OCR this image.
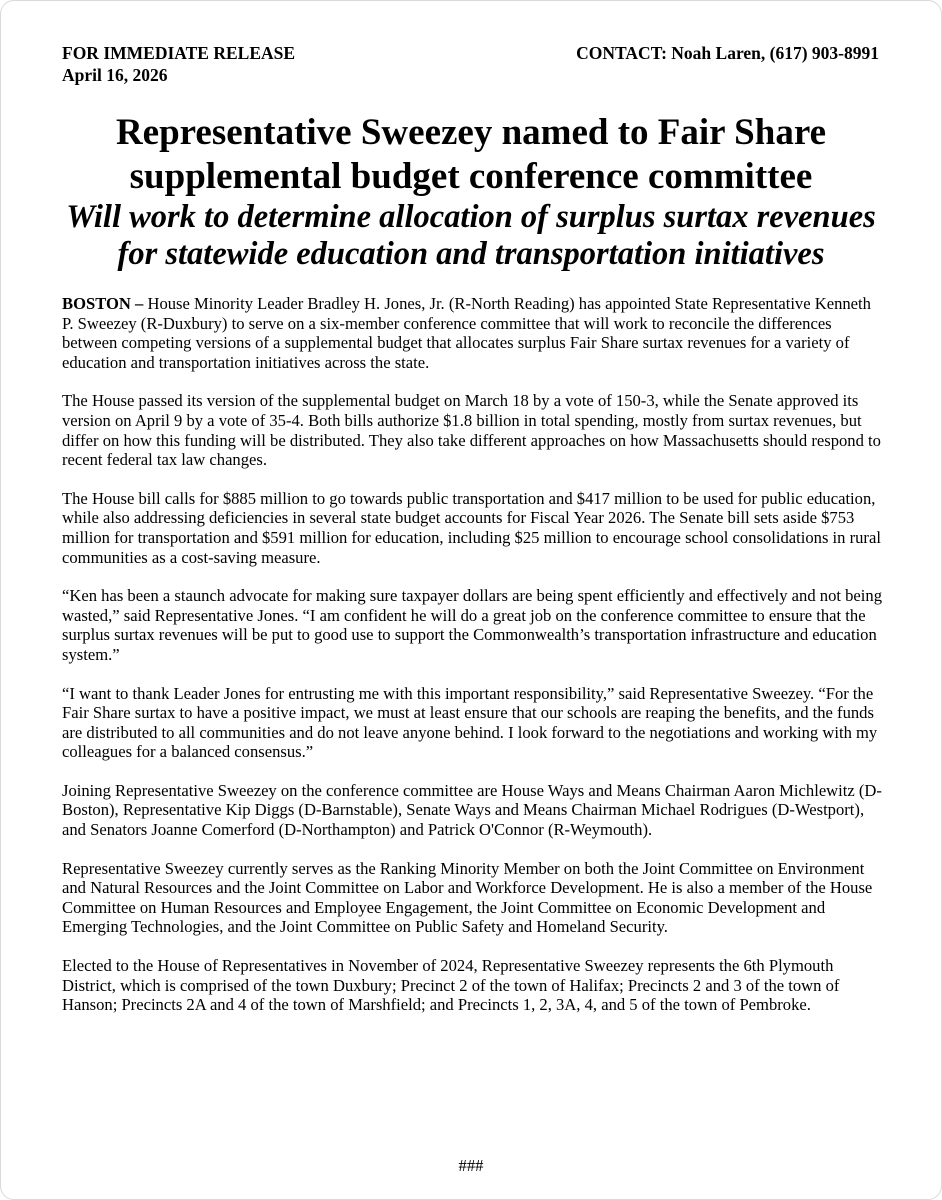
FOR IMMEDIATE RELEASE
April 16, 2026
CONTACT: Noah Laren, (617) 903-8991
Representative Sweezey named to Fair Share
supplemental budget conference committee
Will work to determine allocation of surplus surtax revenues
for statewide education and transportation initiatives

BOSTON – House Minority Leader Bradley H. Jones, Jr. (R-North Reading) has appointed State Representative Kenneth P. Sweezey (R-Duxbury) to serve on a six-member conference committee that will work to reconcile the differences between competing versions of a supplemental budget that allocates surplus Fair Share surtax revenues for a variety of education and transportation initiatives across the state.

The House passed its version of the supplemental budget on March 18 by a vote of 150-3, while the Senate approved its version on April 9 by a vote of 35-4. Both bills authorize $1.8 billion in total spending, mostly from surtax revenues, but differ on how this funding will be distributed. They also take different approaches on how Massachusetts should respond to recent federal tax law changes.

The House bill calls for $885 million to go towards public transportation and $417 million to be used for public education, while also addressing deficiencies in several state budget accounts for Fiscal Year 2026. The Senate bill sets aside $753 million for transportation and $591 million for education, including $25 million to encourage school consolidations in rural communities as a cost-saving measure.

“Ken has been a staunch advocate for making sure taxpayer dollars are being spent efficiently and effectively and not being wasted,” said Representative Jones. “I am confident he will do a great job on the conference committee to ensure that the surplus surtax revenues will be put to good use to support the Commonwealth’s transportation infrastructure and education system.”

“I want to thank Leader Jones for entrusting me with this important responsibility,” said Representative Sweezey. “For the Fair Share surtax to have a positive impact, we must at least ensure that our schools are reaping the benefits, and the funds are distributed to all communities and do not leave anyone behind. I look forward to the negotiations and working with my colleagues for a balanced consensus.”

Joining Representative Sweezey on the conference committee are House Ways and Means Chairman Aaron Michlewitz (D-Boston), Representative Kip Diggs (D-Barnstable), Senate Ways and Means Chairman Michael Rodrigues (D-Westport), and Senators Joanne Comerford (D-Northampton) and Patrick O'Connor (R-Weymouth).

Representative Sweezey currently serves as the Ranking Minority Member on both the Joint Committee on Environment and Natural Resources and the Joint Committee on Labor and Workforce Development. He is also a member of the House Committee on Human Resources and Employee Engagement, the Joint Committee on Economic Development and Emerging Technologies, and the Joint Committee on Public Safety and Homeland Security.

Elected to the House of Representatives in November of 2024, Representative Sweezey represents the 6th Plymouth District, which is comprised of the town Duxbury; Precinct 2 of the town of Halifax; Precincts 2 and 3 of the town of Hanson; Precincts 2A and 4 of the town of Marshfield; and Precincts 1, 2, 3A, 4, and 5 of the town of Pembroke.

###
